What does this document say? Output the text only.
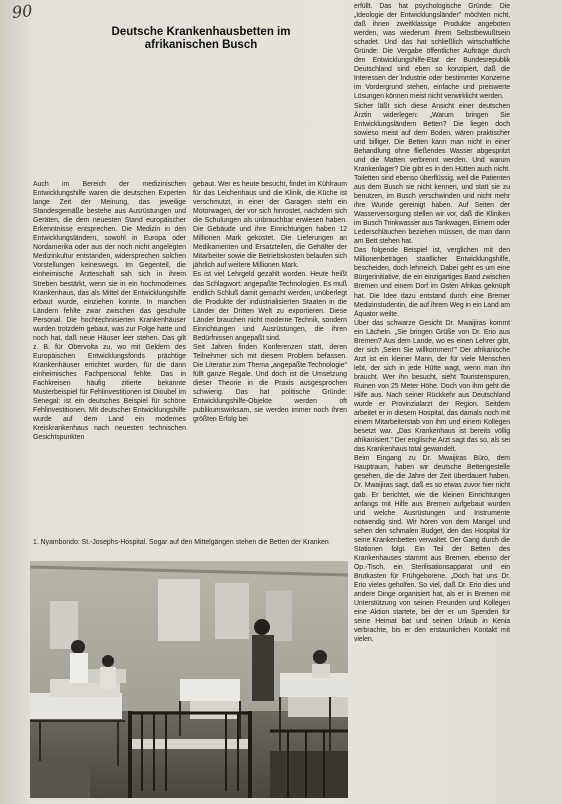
90
Deutsche Krankenhausbetten im afrikanischen Busch
Auch im Bereich der medizinischen Entwicklungshilfe waren die deutschen Experten lange Zeit der Meinung, das jeweilige Standesgemäße bestehe aus Ausrüstungen und Geräten, die dem neuesten Stand europäischer Erkenntnisse entsprechen. Die Medizin in den Entwicklungsländern, sowohl in Europa oder Nordamerika oder aus der noch nicht angelegten Medizinkultur entstanden, widersprechen solchen Vorstellungen keineswegs. Im Gegenteil, die einheimische Ärzteschaft sah sich in ihrem Streben bestärkt, wenn sie in ein hochmodernes Krankenhaus, das als Mittel der Entwicklungshilfe erbaut wurde, einziehen konnte. In manchen Ländern fehlte zwar zwischen das geschulte Personal. Die hochtechnisierten Krankenhäuser wurden trotzdem gebaut, was zur Folge hatte und noch hat, daß neue Häuser leer stehen. Das gilt z. B. für Obervolta zu, wo mit Geldern des Europäischen Entwicklungsfonds prächtige Krankenhäuser errichtet wurden, für die dann einheimisches Fachpersonal fehlte. Das in Fachkreisen häufig zitierte bekannte Musterbeispiel für Fehlinvestitionen ist Dioubel im Senegal: ist ein deutsches Beispiel für schöne Fehlinvestitionen. Mit deutscher Entwicklungshilfe wurde auf dem Land ein modernes Kreiskrankenhaus nach neuesten technischen Gesichtspunkten
gebaut. Wer es heute besucht, findet im Kühlraum für das Leichenhaus und die Klinik, die Küche ist verschmutzt, in einer der Garagen steht ein Motorwagen, der vor sich hinrostet, nachdem sich die Schulungen als unbrauchbar erwiesen haben. Die Gebäude und ihre Einrichtungen haben 12 Millionen Mark gekostet. Die Lieferungen an Medikamenten und Ersatzteilen, die Gehälter der Mitarbeiter sowie die Betriebskosten belaufen sich jährlich auf weitere Millionen Mark.
Es ist viel Lehrgeld gezahlt worden. Heute heißt das Schlagwort: angepaßte Technologien. Es muß endlich Schluß damit gemacht werden, unüberlegt die Produkte der industrialisierten Staaten in die Länder der Dritten Welt zu exportieren. Diese Länder brauchen nicht moderne Technik, sondern Einrichtungen und Ausrüstungen, die ihren Bedürfnissen angepaßt sind.
Seit Jahren finden Konferenzen statt, deren Teilnehmer sich mit diesem Problem befassen. Die Literatur zum Thema „angepaßte Technologie" füllt ganze Regale. Und doch ist die Umsetzung dieser Theorie in die Praxis ausgesprochen schwierig. Das hat politische Gründe: Entwicklungshilfe-Objekte werden oft publikumswirksam, sie werden immer noch ihren größten Erfolg bei
erfüllt. Das hat psychologische Gründe: Die „Ideologie der Entwicklungsländer" möchten nicht, daß ihnen zweitklassige Produkte angeboten werden, was wiederum ihrem Selbstbewußtsein schadet. Und das hat schließlich wirtschaftliche Gründe: Die Vergabe öffentlicher Aufträge durch den Entwicklungshilfe-Etat der Bundesrepublik Deutschland sind eben so konzipiert, daß die Interessen der Industrie oder bestimmter Konzerne im Vordergrund stehen, einfache und preiswerte Lösungen können meist nicht verwirklicht werden.
Sicher läßt sich diese Ansicht einer deutschen Ärztin widerlegen: „Warum bringen Sie Entwicklungsländern Betten? Die liegen doch sowieso meist auf dem Boden, wären praktischer und billiger. Die Betten kann man nicht in einer Behandlung ohne fließendes Wasser abgespritzt und die Matten verbrennt werden. Und warum Krankenlager? Die gibt es in den Hütten auch nicht. Toiletten sind ebenso überflüssig, weil die Patienten aus dem Busch sie nicht kennen, und statt sie zu benutzen, im Busch verschwinden und nicht mehr ihre Wunde gereinigt haben. Auf Seiten der Wasserversorgung stellen wir vor, daß die Kliniken im Busch Trinkwasser aus Tankwagen, Eimern oder Lederschläuchen beziehen müssen, die man dann am Bett stehen hat.
Das folgende Beispiel ist, verglichen mit den Millionenbeträgen staatlicher Entwicklungshilfe, bescheiden, doch lehrreich. Dabei geht es um eine Bürgerinitiative, die ein einzigartiges Band zwischen Bremen und einem Dorf im Osten Afrikas geknüpft hat. Die Idee dazu entstand durch eine Bremer Medizinstudentin, die auf ihrem Weg in ein Land am Äquator weilte.
Über das schwarze Gesicht Dr. Mwaijiras kommt ein Lächeln. „Sie bringen Grüße von Dr. Erio aus Bremen? Aus dem Lande, wo es einen Lehrer gibt, der sich ‚Seien Sie willkommen!'" Der afrikanische Arzt ist ein kleiner Mann, der für viele Menschen lebt, der sich in jede Hütte wagt, wenn man ihn braucht. Wer ihn besucht, sieht Touristenspuren, Ruinen von 25 Meter Höhe. Doch von ihm geht die Hilfe aus. Nach seiner Rückkehr aus Deutschland wurde er Provinzialarzt der Region. Seitdem arbeitet er in diesem Hospital, das damals noch mit einem Mitarbeiterstab von ihm und einem Kollegen besetzt war. „Das Krankenhaus ist bereits völlig afrikanisiert." Der englische Arzt sagt das so, als sei das Krankenhaus total gewandelt.
Beim Eingang zu Dr. Mwaijiras Büro, dem Hauptraum, haben wir deutsche Bettengestelle gesehen, die die Jahre der Zeit überdauert haben. Dr. Mwaijiras sagt, daß es so etwas zuvor hier nicht gab. Er berichtet, wie die kleinen Einrichtungen anfangs mit Hilfe aus Bremen aufgebaut wurden und welche Ausrüstungen und Instrumente notwendig sind. Wir hören von dem Mangel und sehen den schmalen Budget, den das Hospital für seine Krankenbetten verwaltet. Der Gang durch die Stationen folgt. Ein Teil der Betten des Krankenhauses stammt aus Bremen, ebenso der Op.-Tisch, ein Sterilisationsapparat und ein Brutkasten für Frühgeborene. „Doch hat uns Dr. Erio vieles geholfen. So viel, daß Dr. Erio dies und andere Dinge organisiert hat, als er in Bremen mit Unterstützung von seinen Freunden und Kollegen eine Aktion startete, bei der er um Spenden für seine Heimat bat und seinen Urlaub in Kenia verbrachte, bis er den erstaunlichen Kontakt mit vielen.
1. Nyambondo: St.-Josephs-Hospital. Sogar auf den Mittelgängen stehen die Betten der Kranken
